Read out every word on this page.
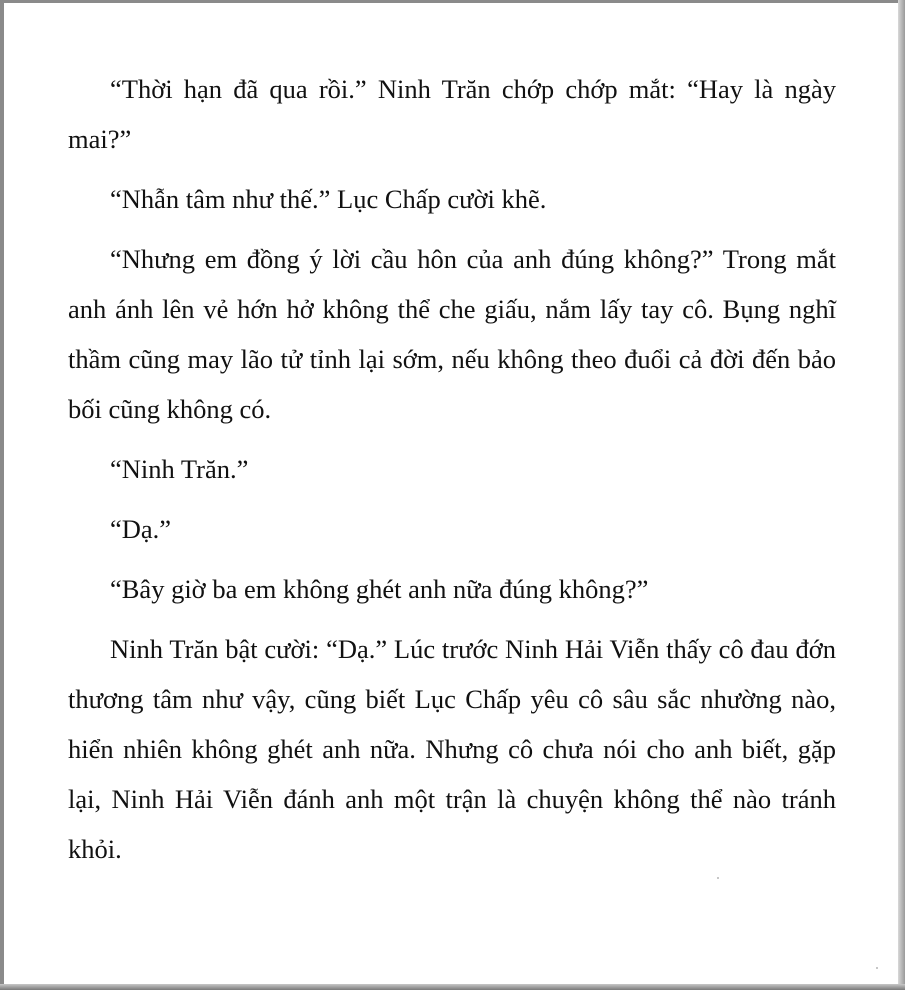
“Thời hạn đã qua rồi.” Ninh Trăn chớp chớp mắt: “Hay là ngày mai?”

“Nhẫn tâm như thế.” Lục Chấp cười khẽ.

“Nhưng em đồng ý lời cầu hôn của anh đúng không?” Trong mắt anh ánh lên vẻ hớn hở không thể che giấu, nắm lấy tay cô. Bụng nghĩ thầm cũng may lão tử tỉnh lại sớm, nếu không theo đuổi cả đời đến bảo bối cũng không có.

“Ninh Trăn.”

“Dạ.”

“Bây giờ ba em không ghét anh nữa đúng không?”

Ninh Trăn bật cười: “Dạ.” Lúc trước Ninh Hải Viễn thấy cô đau đớn thương tâm như vậy, cũng biết Lục Chấp yêu cô sâu sắc nhường nào, hiển nhiên không ghét anh nữa. Nhưng cô chưa nói cho anh biết, gặp lại, Ninh Hải Viễn đánh anh một trận là chuyện không thể nào tránh khỏi.
